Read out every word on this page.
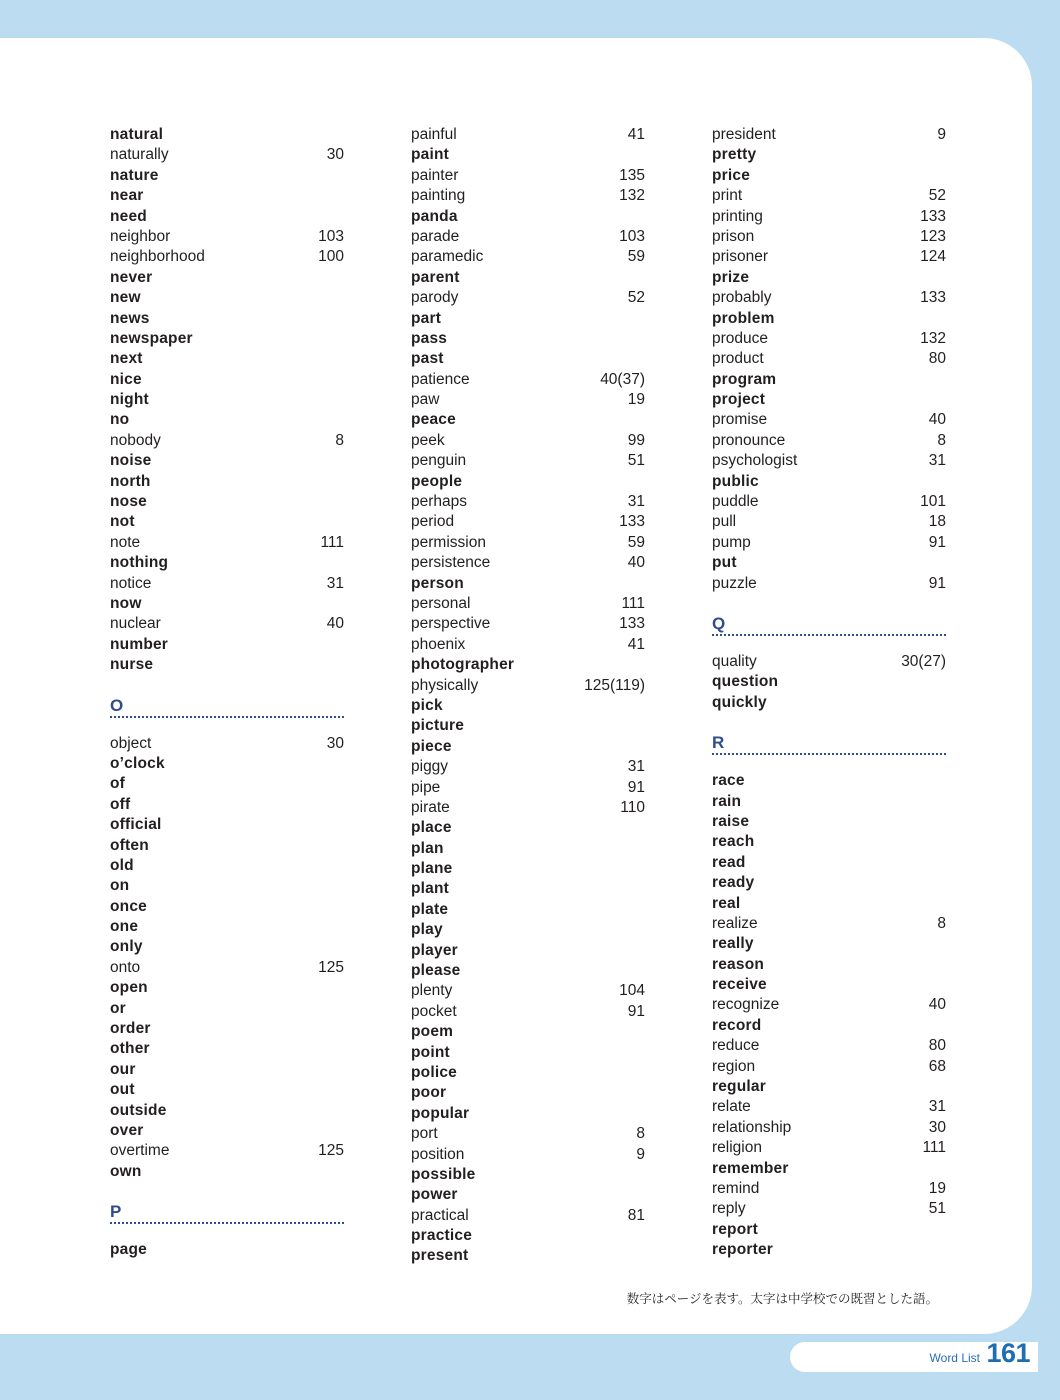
natural
naturally	30
nature
near
need
neighbor	103
neighborhood	100
never
new
news
newspaper
next
nice
night
no
nobody	8
noise
north
nose
not
note	111
nothing
notice	31
now
nuclear	40
number
nurse
O
object	30
o’clock
of
off
official
often
old
on
once
one
only
onto	125
open
or
order
other
our
out
outside
over
overtime	125
own
P
page
painful	41
paint
painter	135
painting	132
panda
parade	103
paramedic	59
parent
parody	52
part
pass
past
patience	40(37)
paw	19
peace
peek	99
penguin	51
people
perhaps	31
period	133
permission	59
persistence	40
person
personal	111
perspective	133
phoenix	41
photographer
physically	125(119)
pick
picture
piece
piggy	31
pipe	91
pirate	110
place
plan
plane
plant
plate
play
player
please
plenty	104
pocket	91
poem
point
police
poor
popular
port	8
position	9
possible
power
practical	81
practice
present
president	9
pretty
price
print	52
printing	133
prison	123
prisoner	124
prize
probably	133
problem
produce	132
product	80
program
project
promise	40
pronounce	8
psychologist	31
public
puddle	101
pull	18
pump	91
put
puzzle	91
Q
quality	30(27)
question
quickly
R
race
rain
raise
reach
read
ready
real
realize	8
really
reason
receive
recognize	40
record
reduce	80
region	68
regular
relate	31
relationship	30
religion	111
remember
remind	19
reply	51
report
reporter
数字はページを表す。太字は中学校での既習とした語。
Word List 161
